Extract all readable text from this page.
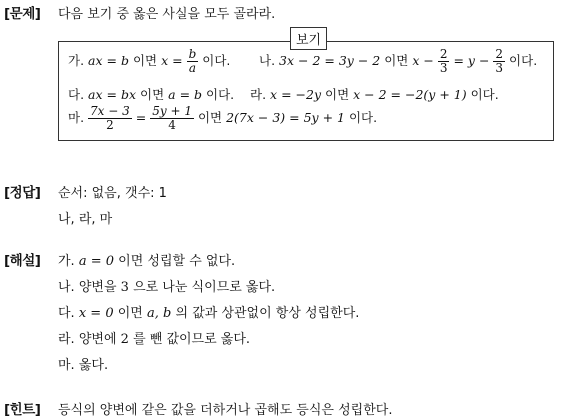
[문제] 다음 보기 중 옳은 사실을 모두 골라라.
보기
가. ax = b 이면 $x = \frac{b}{a}$ 이다. 나. 3x − 2 = 3y − 2 이면 $x - \frac{2}{3} = y - \frac{2}{3}$ 이다.
다. ax = bx 이면 a = b 이다. 라. x = −2y 이면 x − 2 = −2(y + 1) 이다.
마. $\frac{7x - 3}{2} = \frac{5y + 1}{4}$ 이면 2(7x − 3) = 5y + 1 이다.
[정답] 순서: 없음, 갯수: 1
나, 라, 마
[해설] 가. a = 0 이면 성립할 수 없다.
나. 양변을 3 으로 나눈 식이므로 옳다.
다. x = 0 이면 a, b 의 값과 상관없이 항상 성립한다.
라. 양변에 2 를 뺀 값이므로 옳다.
마. 옳다.
[힌트] 등식의 양변에 같은 값을 더하거나 곱해도 등식은 성립한다.
